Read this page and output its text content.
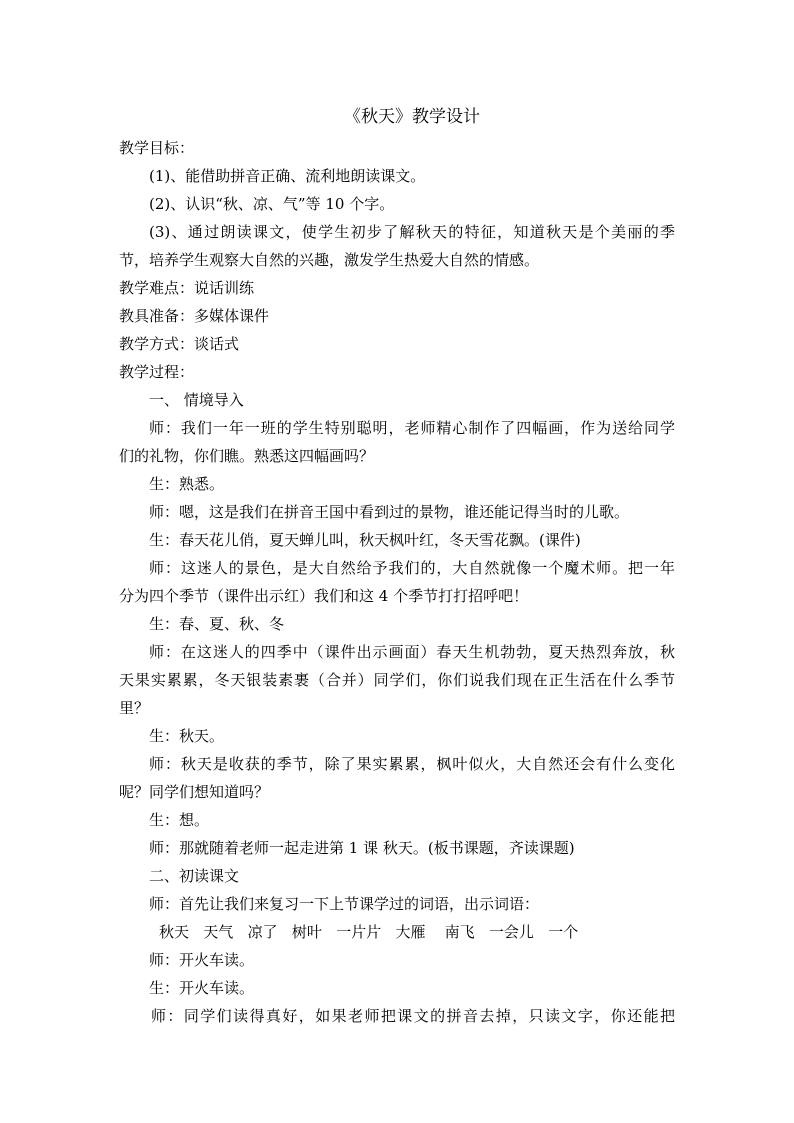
《秋天》教学设计
教学目标：
(1)、能借助拼音正确、流利地朗读课文。
(2)、认识“秋、凉、气”等 10 个字。
(3)、通过朗读课文，使学生初步了解秋天的特征，知道秋天是个美丽的季
节，培养学生观察大自然的兴趣，激发学生热爱大自然的情感。
教学难点：说话训练
教具准备：多媒体课件
教学方式：谈话式
教学过程：
一、 情境导入
师：我们一年一班的学生特别聪明，老师精心制作了四幅画，作为送给同学
们的礼物，你们瞧。熟悉这四幅画吗？
生：熟悉。
师：嗯，这是我们在拼音王国中看到过的景物，谁还能记得当时的儿歌。
生：春天花儿俏，夏天蝉儿叫，秋天枫叶红，冬天雪花飘。(课件)
师：这迷人的景色，是大自然给予我们的，大自然就像一个魔术师。把一年
分为四个季节（课件出示红）我们和这 4 个季节打打招呼吧！
生：春、夏、秋、冬
师：在这迷人的四季中（课件出示画面）春天生机勃勃，夏天热烈奔放，秋
天果实累累，冬天银装素裹（合并）同学们，你们说我们现在正生活在什么季节
里？
生：秋天。
师：秋天是收获的季节，除了果实累累，枫叶似火，大自然还会有什么变化
呢？同学们想知道吗？
生：想。
师：那就随着老师一起走进第 1 课 秋天。(板书课题，齐读课题)
二、初读课文
师：首先让我们来复习一下上节课学过的词语，出示词语：
秋天   天气   凉了   树叶   一片片   大雁    南飞   一会儿   一个
师：开火车读。
生：开火车读。
师：同学们读得真好，如果老师把课文的拼音去掉，只读文字，你还能把
